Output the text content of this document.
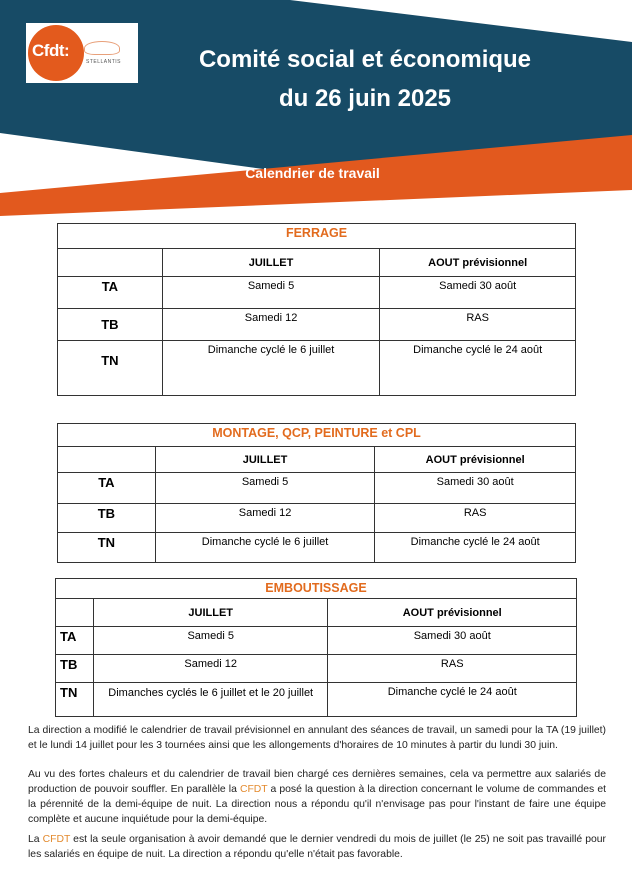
Cfdt:
STELLANTIS	Comité social et économique
du 26 juin 2025
Calendrier de travail
FERRAGE		
	JUILLET	AOUT prévisionnel
TA	Samedi 5	Samedi 30 août
TB	Samedi 12	RAS
TN	Dimanche cyclé le 6 juillet	Dimanche cyclé le 24 août
MONTAGE, QCP, PEINTURE et CPL		
	JUILLET	AOUT prévisionnel
TA	Samedi 5	Samedi 30 août
TB	Samedi 12	RAS
TN	Dimanche cyclé le 6 juillet	Dimanche cyclé le 24 août
EMBOUTISSAGE		
	JUILLET	AOUT prévisionnel
TA	Samedi 5	Samedi 30 août
TB	Samedi 12	RAS
TN	Dimanches cyclés le 6 juillet et le 20 juillet	Dimanche cyclé le 24 août

La direction a modifié le calendrier de travail prévisionnel en annulant des séances de travail, un samedi pour la TA (19 juillet) et le lundi 14 juillet pour les 3 tournées ainsi que les allongements d'horaires de 10 minutes à partir du lundi 30 juin.

Au vu des fortes chaleurs et du calendrier de travail bien chargé ces dernières semaines, cela va permettre aux salariés de production de pouvoir souffler. En parallèle la CFDT a posé la question à la direction concernant le volume de commandes et la pérennité de la demi-équipe de nuit. La direction nous a répondu qu'il n'envisage pas pour l'instant de faire une équipe complète et aucune inquiétude pour la demi-équipe.

La CFDT est la seule organisation à avoir demandé que le dernier vendredi du mois de juillet (le 25) ne soit pas travaillé pour les salariés en équipe de nuit. La direction a répondu qu'elle n'était pas favorable.
